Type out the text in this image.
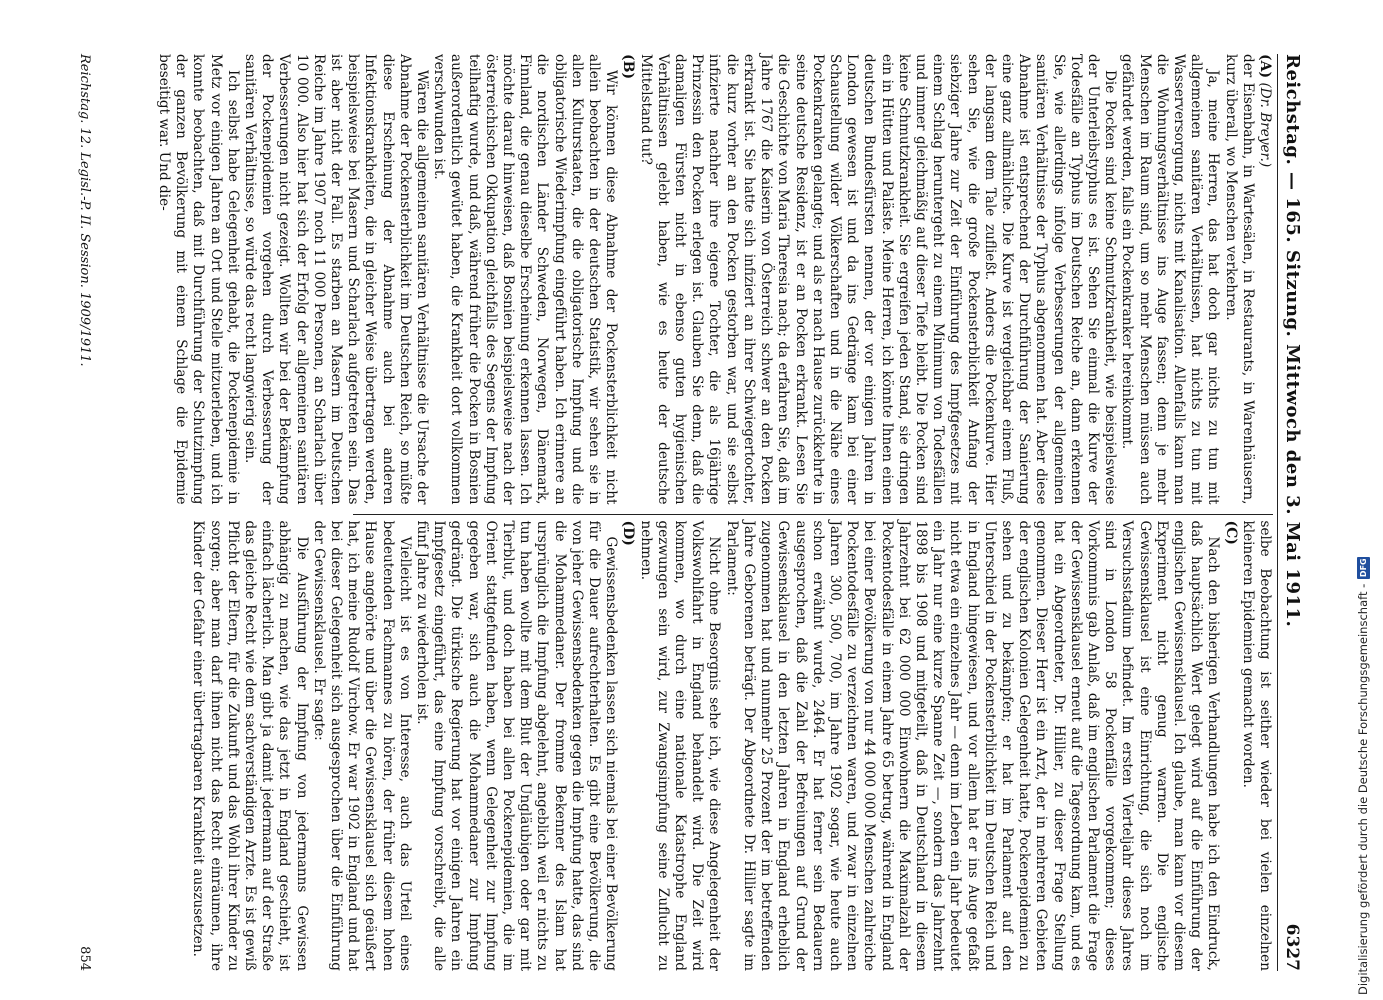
Reichstag. — 165. Sitzung. Mittwoch den 3. Mai 1911.
6327

(A) (Dr. Breyer.)

der Eisenbahn, in Wartesälen, in Restaurants, in Warenhäusern, kurz überall, wo Menschen verkehren.

Ja, meine Herren, das hat doch gar nichts zu tun mit allgemeinen sanitären Verhältnissen, hat nichts zu tun mit Wasserversorgung, nichts mit Kanalisation. Allenfalls kann man die Wohnungsverhältnisse ins Auge fassen; denn je mehr Menschen im Raum sind, um so mehr Menschen müssen auch gefährdet werden, falls ein Pockenkranker hereinkommt.

Die Pocken sind keine Schmutzkrankheit, wie beispielsweise der Unterleibstyphus es ist. Sehen Sie einmal die Kurve der Todesfälle an Typhus im Deutschen Reiche an, dann erkennen Sie, wie allerdings infolge Verbesserungen der allgemeinen sanitären Verhältnisse der Typhus abgenommen hat. Aber diese Abnahme ist entsprechend der Durchführung der Sanierung eine ganz allmähliche. Die Kurve ist vergleichbar einem Fluß, der langsam dem Tale zufließt. Anders die Pockenkurve. Hier sehen Sie, wie die große Pockensterblichkeit Anfang der siebziger Jahre zur Zeit der Einführung des Impfgesetzes mit einem Schlag heruntergeht zu einem Minimum von Todesfällen und immer gleichmäßig auf dieser Tiefe bleibt. Die Pocken sind keine Schmutzkrankheit. Sie ergreifen jeden Stand, sie dringen ein in Hütten und Paläste. Meine Herren, ich könnte Ihnen einen deutschen Bundesfürsten nennen, der vor einigen Jahren in London gewesen ist und da ins Gedränge kam bei einer Schaustellung wilder Völkerschaften und in die Nähe eines Pockenkranken gelangte; und als er nach Hause zurückkehrte in seine deutsche Residenz, ist er an Pocken erkrankt. Lesen Sie die Geschichte von Maria Theresia nach; da erfahren Sie, daß im Jahre 1767 die Kaiserin von Österreich schwer an den Pocken erkrankt ist. Sie hatte sich infiziert an ihrer Schwiegertochter, die kurz vorher an den Pocken gestorben war, und sie selbst infizierte nachher ihre eigene Tochter, die als 16jährige Prinzessin den Pocken erlegen ist. Glauben Sie denn, daß die damaligen Fürsten nicht in ebenso guten hygienischen Verhältnissen gelebt haben, wie es heute der deutsche Mittelstand tut?

(B)

Wir können diese Abnahme der Pockensterblichkeit nicht allein beobachten in der deutschen Statistik, wir sehen sie in allen Kulturstaaten, die die obligatorische Impfung und die obligatorische Wiederimpfung eingeführt haben. Ich erinnere an die nordischen Länder Schweden, Norwegen, Dänemark, Finnland, die genau dieselbe Erscheinung erkennen lassen. Ich möchte darauf hinweisen, daß Bosnien beispielsweise nach der österreichischen Okkupation gleichfalls des Segens der Impfung teilhaftig wurde, und daß, während früher die Pocken in Bosnien außerordentlich gewütet haben, die Krankheit dort vollkommen verschwunden ist.

Wären die allgemeinen sanitären Verhältnisse die Ursache der Abnahme der Pockensterblichkeit im Deutschen Reich, so müßte diese Erscheinung der Abnahme auch bei anderen Infektionskrankheiten, die in gleicher Weise übertragen werden, beispielsweise bei Masern und Scharlach aufgetreten sein. Das ist aber nicht der Fall. Es starben an Masern im Deutschen Reiche im Jahre 1907 noch 11 000 Personen, an Scharlach über 10 000. Also hier hat sich der Erfolg der allgemeinen sanitären Verbesserungen nicht gezeigt. Wollten wir bei der Bekämpfung der Pockenepidemien vorgehen durch Verbesserung der sanitären Verhältnisse, so würde das recht langwierig sein.

Ich selbst habe Gelegenheit gehabt, die Pockenepidemie in Metz vor einigen Jahren an Ort und Stelle mitzuerleben, und ich konnte beobachten, daß mit Durchführung der Schutzimpfung der ganzen Bevölkerung mit einem Schlage die Epidemie beseitigt war. Und die-

selbe Beobachtung ist seither wieder bei vielen einzelnen kleineren Epidemien gemacht worden.

(C)

Nach den bisherigen Verhandlungen habe ich den Eindruck, daß hauptsächlich Wert gelegt wird auf die Einführung der englischen Gewissensklausel. Ich glaube, man kann vor diesem Experiment nicht genug warnen. Die englische Gewissensklausel ist eine Einrichtung, die sich noch im Versuchsstadium befindet. Im ersten Vierteljahr dieses Jahres sind in London 58 Pockenfälle vorgekommen; dieses Vorkommnis gab Anlaß, daß im englischen Parlament die Frage der Gewissensklausel erneut auf die Tagesordnung kam, und es hat ein Abgeordneter, Dr. Hillier, zu dieser Frage Stellung genommen. Dieser Herr ist ein Arzt, der in mehreren Gebieten der englischen Kolonien Gelegenheit hatte, Pockenepidemien zu sehen und zu bekämpfen; er hat im Parlament auf den Unterschied in der Pockensterblichkeit im Deutschen Reich und in England hingewiesen, und vor allem hat er ins Auge gefaßt nicht etwa ein einzelnes Jahr — denn im Leben ein Jahr bedeutet ein Jahr nur eine kurze Spanne Zeit —, sondern das Jahrzehnt 1898 bis 1908 und mitgeteilt, daß in Deutschland in diesem Jahrzehnt bei 62 000 000 Einwohnern die Maximalzahl der Pockentodesfälle in einem Jahre 65 betrug, während in England bei einer Bevölkerung von nur 44 000 000 Menschen zahlreiche Pockentodesfälle zu verzeichnen waren, und zwar in einzelnen Jahren 300, 500, 700, im Jahre 1902 sogar, wie heute auch schon erwähnt wurde, 2464. Er hat ferner sein Bedauern ausgesprochen, daß die Zahl der Befreiungen auf Grund der Gewissensklausel in den letzten Jahren in England erheblich zugenommen hat und nunmehr 25 Prozent der im betreffenden Jahre Geborenen beträgt. Der Abgeordnete Dr. Hillier sagte im Parlament:

Nicht ohne Besorgnis sehe ich, wie diese Angelegenheit der Volkswohlfahrt in England behandelt wird. Die Zeit wird kommen, wo durch eine nationale Katastrophe England gezwungen sein wird, zur Zwangsimpfung seine Zuflucht zu nehmen.

(D)

Gewissensbedenken lassen sich niemals bei einer Bevölkerung für die Dauer aufrechterhalten. Es gibt eine Bevölkerung, die von jeher Gewissensbedenken gegen die Impfung hatte, das sind die Mohammedaner. Der fromme Bekenner des Islam hat ursprünglich die Impfung abgelehnt, angeblich weil er nichts zu tun haben wollte mit dem Blut der Ungläubigen oder gar mit Tierblut, und doch haben bei allen Pockenepidemien, die im Orient stattgefunden haben, wenn Gelegenheit zur Impfung gegeben war, sich auch die Mohammedaner zur Impfung gedrängt. Die türkische Regierung hat vor einigen Jahren ein Impfgesetz eingeführt, das eine Impfung vorschreibt, die alle fünf Jahre zu wiederholen ist.

Vielleicht ist es von Interesse, auch das Urteil eines bedeutenden Fachmannes zu hören, der früher diesem hohen Hause angehörte und über die Gewissensklausel sich geäußert hat, ich meine Rudolf Virchow. Er war 1902 in England und hat bei dieser Gelegenheit sich ausgesprochen über die Einführung der Gewissensklausel. Er sagte:

Die Ausführung der Impfung von jedermanns Gewissen abhängig zu machen, wie das jetzt in England geschieht, ist einfach lächerlich. Man gibt ja damit jedermann auf der Straße das gleiche Recht wie dem sachverständigen Arzte. Es ist gewiß Pflicht der Eltern, für die Zukunft und das Wohl ihrer Kinder zu sorgen; aber man darf ihnen nicht das Recht einräumen, ihre Kinder der Gefahr einer übertragbaren Krankheit auszusetzen.

Reichstag. 12. Legisl.-P. II. Session. 1909/1911.
854	Digitalisierung gefördert durch die Deutsche Forschungsgemeinschaft -
DFG
